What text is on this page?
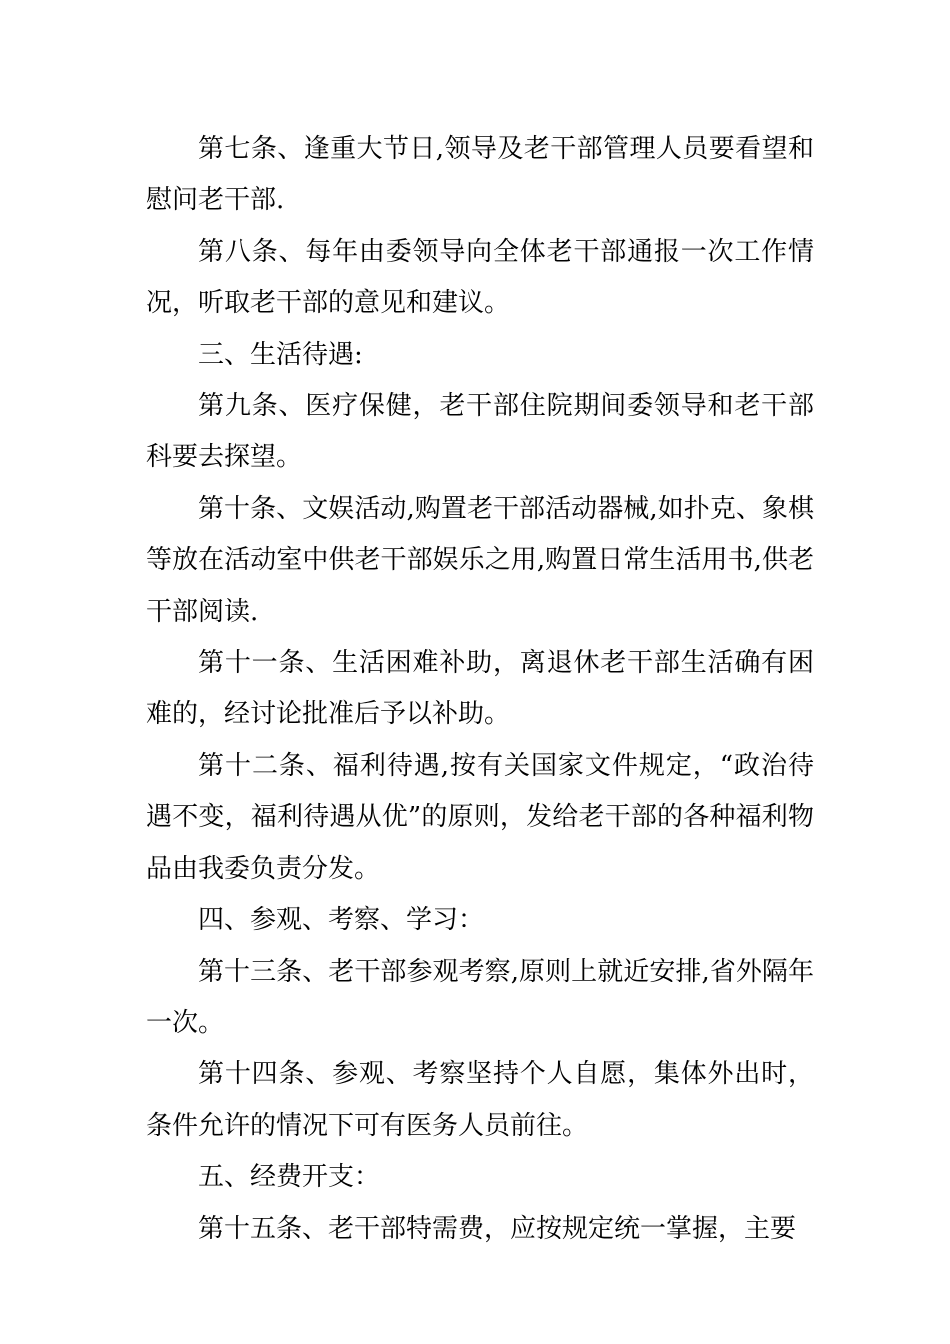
第七条、逢重大节日,领导及老干部管理人员要看望和慰问老干部.

第八条、每年由委领导向全体老干部通报一次工作情况，听取老干部的意见和建议。

三、生活待遇:

第九条、医疗保健，老干部住院期间委领导和老干部科要去探望。

第十条、文娱活动,购置老干部活动器械,如扑克、象棋等放在活动室中供老干部娱乐之用,购置日常生活用书,供老干部阅读.

第十一条、生活困难补助，离退休老干部生活确有困难的，经讨论批准后予以补助。

第十二条、福利待遇,按有关国家文件规定，“政治待遇不变，福利待遇从优”的原则，发给老干部的各种福利物品由我委负责分发。

四、参观、考察、学习：

第十三条、老干部参观考察,原则上就近安排,省外隔年一次。

第十四条、参观、考察坚持个人自愿，集体外出时，条件允许的情况下可有医务人员前往。

五、经费开支：

第十五条、老干部特需费，应按规定统一掌握，主要
